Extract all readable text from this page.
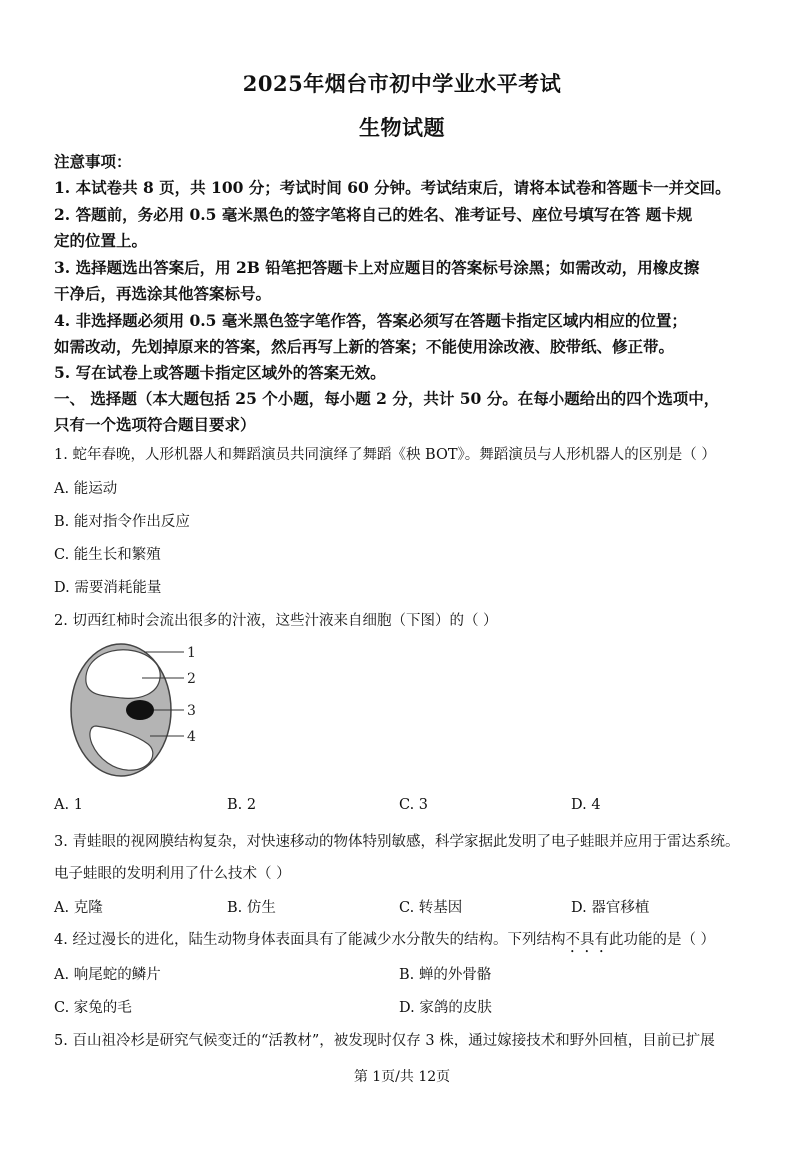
2025年烟台市初中学业水平考试
生物试题
注意事项：
1. 本试卷共 8 页，共 100 分；考试时间 60 分钟。考试结束后，请将本试卷和答题卡一并交回。
2. 答题前，务必用 0.5 毫米黑色的签字笔将自己的姓名、准考证号、座位号填写在答 题卡规
定的位置上。
3. 选择题选出答案后，用 2B 铅笔把答题卡上对应题目的答案标号涂黑；如需改动，用橡皮擦
干净后，再选涂其他答案标号。
4. 非选择题必须用 0.5 毫米黑色签字笔作答，答案必须写在答题卡指定区域内相应的位置；
如需改动，先划掉原来的答案，然后再写上新的答案；不能使用涂改液、胶带纸、修正带。
5. 写在试卷上或答题卡指定区域外的答案无效。
一、 选择题（本大题包括 25 个小题，每小题 2 分，共计 50 分。在每小题给出的四个选项中，
只有一个选项符合题目要求）
1. 蛇年春晚，人形机器人和舞蹈演员共同演绎了舞蹈《秧 BOT》。舞蹈演员与人形机器人的区别是（ ）
A. 能运动
B. 能对指令作出反应
C. 能生长和繁殖
D. 需要消耗能量
2. 切西红柿时会流出很多的汁液，这些汁液来自细胞（下图）的（ ）
1
2
3
4
A. 1	B. 2	C. 3	D. 4
3. 青蛙眼的视网膜结构复杂，对快速移动的物体特别敏感，科学家据此发明了电子蛙眼并应用于雷达系统。
电子蛙眼的发明利用了什么技术（ ）
A. 克隆	B. 仿生	C. 转基因	D. 器官移植
4. 经过漫长的进化，陆生动物身体表面具有了能减少水分散失的结构。下列结构不具有此功能的是（ ）
A. 响尾蛇的鳞片	B. 蝉的外骨骼
C. 家兔的毛	D. 家鸽的皮肤
5. 百山祖冷杉是研究气候变迁的“活教材”，被发现时仅存 3 株，通过嫁接技术和野外回植，目前已扩展
第 1页/共 12页
